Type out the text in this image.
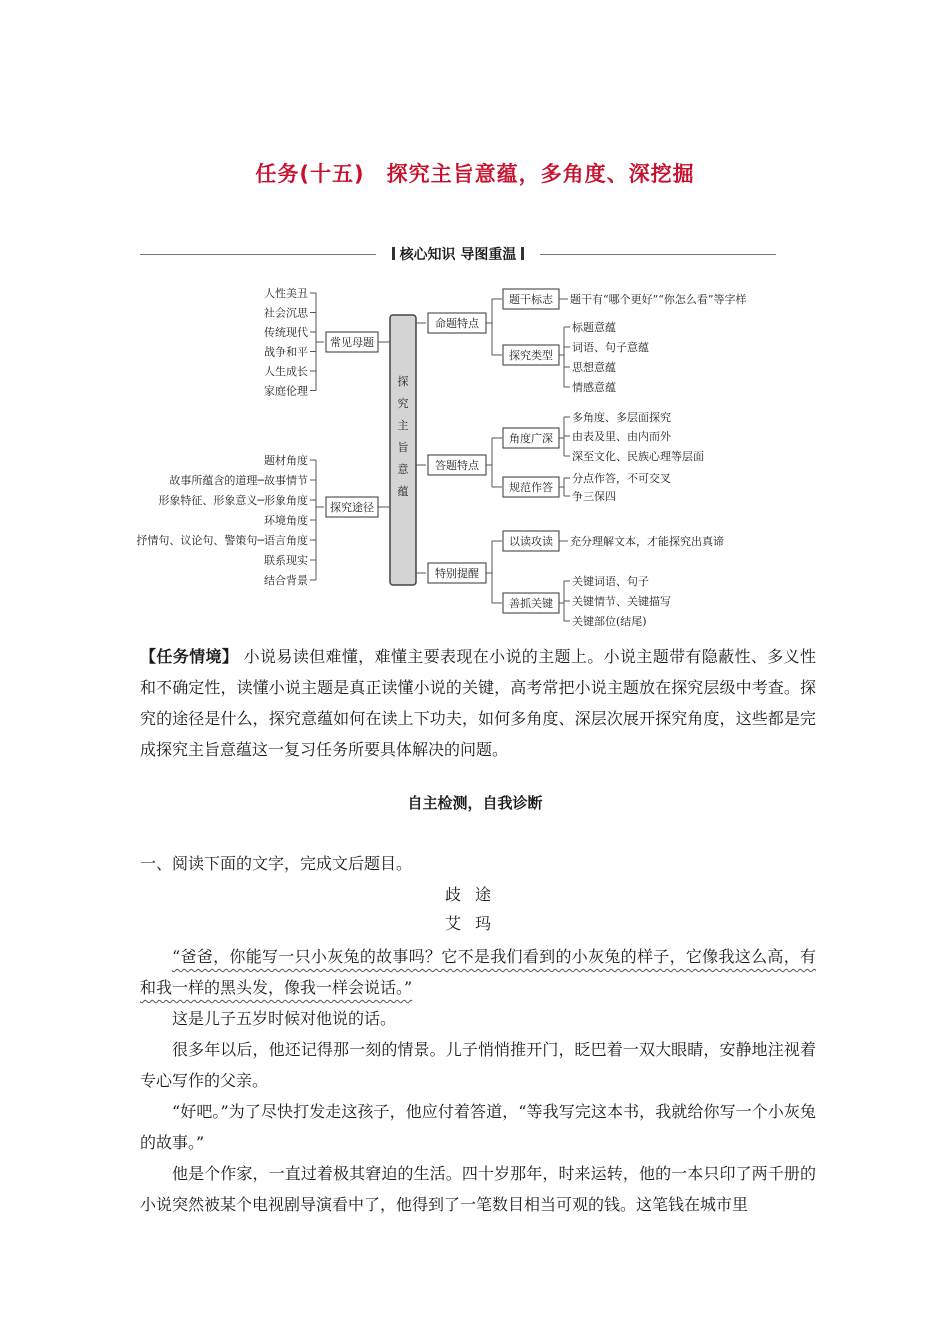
任务(十五) 探究主旨意蕴，多角度、深挖掘
核心知识 导图重温
探
究
主
旨
意
蕴
人性美丑
社会沉思
传统现代
战争和平
人生成长
家庭伦理
常见母题
题材角度
故事所蕴含的道理─故事情节
形象特征、形象意义─形象角度
环境角度
抒情句、议论句、警策句─语言角度
联系现实
结合背景
探究途径
命题特点
题干标志 题干有“哪个更好”“你怎么看”等字样
探究类型
标题意蕴
词语、句子意蕴
思想意蕴
情感意蕴
答题特点
角度广深
多角度、多层面探究
由表及里、由内而外
深至文化、民族心理等层面
规范作答
分点作答，不可交叉
争三保四
特别提醒
以读攻读 充分理解文本，才能探究出真谛
善抓关键
关键词语、句子
关键情节、关键描写
关键部位(结尾)
【任务情境】 小说易读但难懂，难懂主要表现在小说的主题上。小说主题带有隐蔽性、多义性和不确定性，读懂小说主题是真正读懂小说的关键，高考常把小说主题放在探究层级中考查。探究的途径是什么，探究意蕴如何在读上下功夫，如何多角度、深层次展开探究角度，这些都是完成探究主旨意蕴这一复习任务所要具体解决的问题。
自主检测，自我诊断
一、阅读下面的文字，完成文后题目。
歧途
艾玛
“爸爸，你能写一只小灰兔的故事吗？它不是我们看到的小灰兔的样子，它像我这么高，有和我一样的黑头发，像我一样会说话。”
这是儿子五岁时候对他说的话。
很多年以后，他还记得那一刻的情景。儿子悄悄推开门，眨巴着一双大眼睛，安静地注视着专心写作的父亲。
“好吧。”为了尽快打发走这孩子，他应付着答道，“等我写完这本书，我就给你写一个小灰兔的故事。”
他是个作家，一直过着极其窘迫的生活。四十岁那年，时来运转，他的一本只印了两千册的小说突然被某个电视剧导演看中了，他得到了一笔数目相当可观的钱。这笔钱在城市里
